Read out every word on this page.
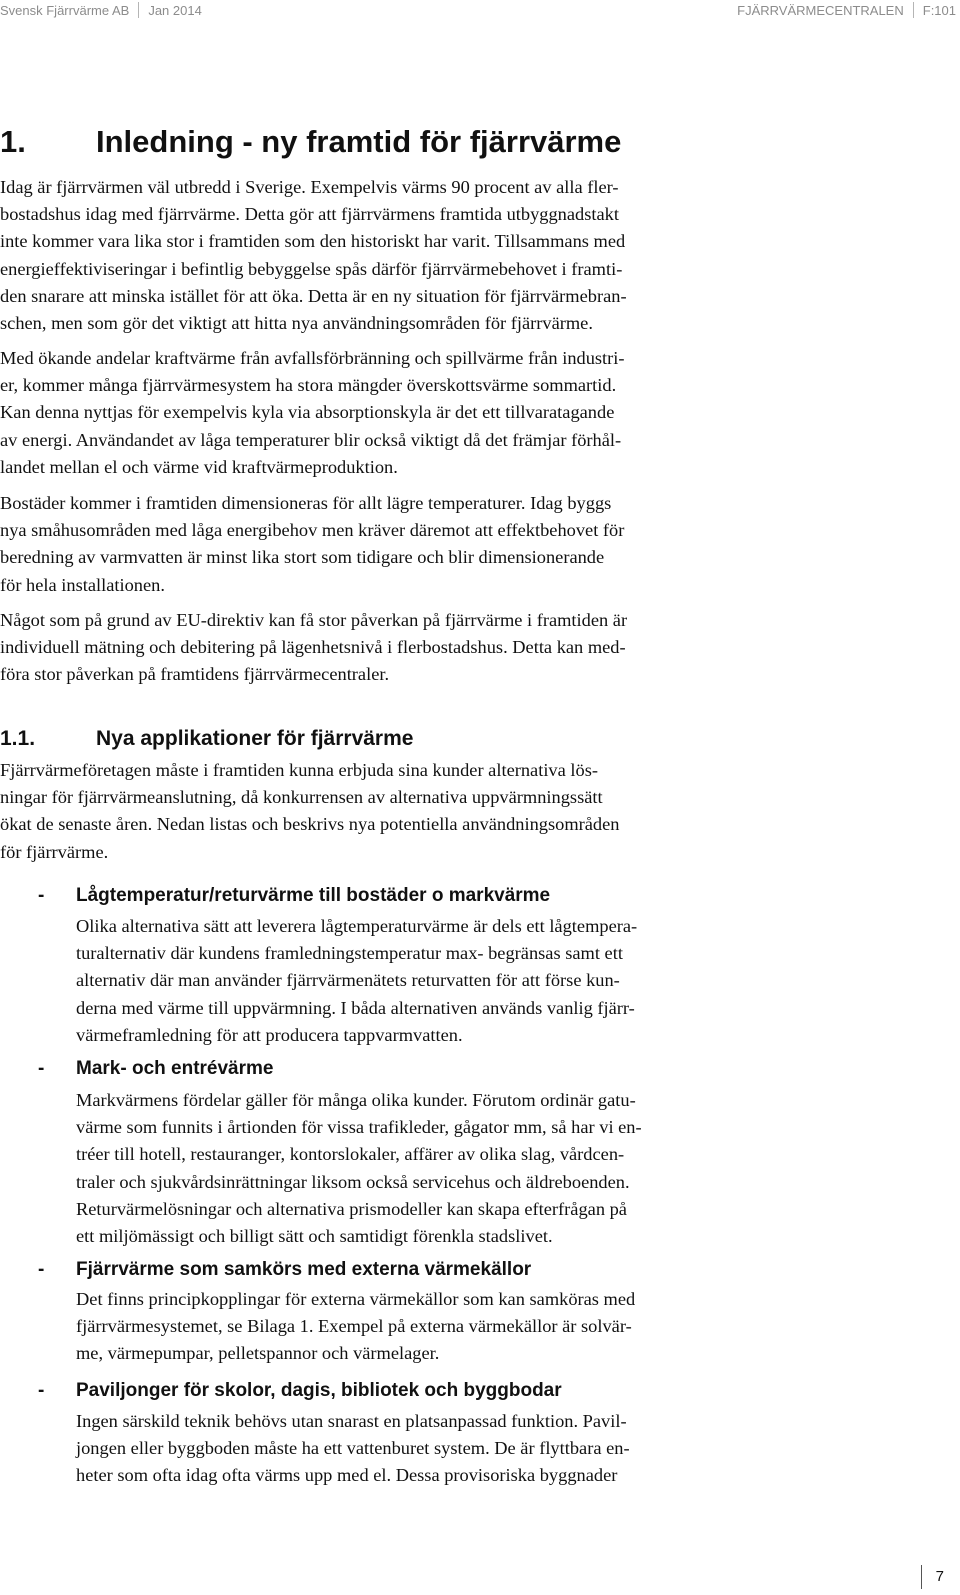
Svensk Fjärrvärme AB Jan 2014	FJÄRRVÄRMECENTRALEN F:101
1. Inledning - ny framtid för fjärrvärme
Idag är fjärrvärmen väl utbredd i Sverige. Exempelvis värms 90 procent av alla fler-
bostadshus idag med fjärrvärme. Detta gör att fjärrvärmens framtida utbyggnadstakt
inte kommer vara lika stor i framtiden som den historiskt har varit. Tillsammans med
energieffektiviseringar i befintlig bebyggelse spås därför fjärrvärmebehovet i framti-
den snarare att minska istället för att öka. Detta är en ny situation för fjärrvärmebran-
schen, men som gör det viktigt att hitta nya användningsområden för fjärrvärme.
Med ökande andelar kraftvärme från avfallsförbränning och spillvärme från industri-
er, kommer många fjärrvärmesystem ha stora mängder överskottsvärme sommartid.
Kan denna nyttjas för exempelvis kyla via absorptionskyla är det ett tillvaratagande
av energi. Användandet av låga temperaturer blir också viktigt då det främjar förhål-
landet mellan el och värme vid kraftvärmeproduktion.
Bostäder kommer i framtiden dimensioneras för allt lägre temperaturer. Idag byggs
nya småhusområden med låga energibehov men kräver däremot att effektbehovet för
beredning av varmvatten är minst lika stort som tidigare och blir dimensionerande
för hela installationen.
Något som på grund av EU-direktiv kan få stor påverkan på fjärrvärme i framtiden är
individuell mätning och debitering på lägenhetsnivå i flerbostadshus. Detta kan med-
föra stor påverkan på framtidens fjärrvärmecentraler.
1.1.	Nya applikationer för fjärrvärme
Fjärrvärmeföretagen måste i framtiden kunna erbjuda sina kunder alternativa lös-
ningar för fjärrvärmeanslutning, då konkurrensen av alternativa uppvärmningssätt
ökat de senaste åren. Nedan listas och beskrivs nya potentiella användningsområden
för fjärrvärme.
- Lågtemperatur/returvärme till bostäder o markvärme
Olika alternativa sätt att leverera lågtemperaturvärme är dels ett lågtempera-
turalternativ där kundens framledningstemperatur max- begränsas samt ett
alternativ där man använder fjärrvärmenätets returvatten för att förse kun-
derna med värme till uppvärmning. I båda alternativen används vanlig fjärr-
värmeframledning för att producera tappvarmvatten.
- Mark- och entrévärme
Markvärmens fördelar gäller för många olika kunder. Förutom ordinär gatu-
värme som funnits i årtionden för vissa trafikleder, gågator mm, så har vi en-
tréer till hotell, restauranger, kontorslokaler, affärer av olika slag, vårdcen-
traler och sjukvårdsinrättningar liksom också servicehus och äldreboenden.
Returvärmelösningar och alternativa prismodeller kan skapa efterfrågan på
ett miljömässigt och billigt sätt och samtidigt förenkla stadslivet.
- Fjärrvärme som samkörs med externa värmekällor
Det finns principkopplingar för externa värmekällor som kan samköras med
fjärrvärmesystemet, se Bilaga 1. Exempel på externa värmekällor är solvär-
me, värmepumpar, pelletspannor och värmelager.
- Paviljonger för skolor, dagis, bibliotek och byggbodar
Ingen särskild teknik behövs utan snarast en platsanpassad funktion. Pavil-
jongen eller byggboden måste ha ett vattenburet system. De är flyttbara en-
heter som ofta idag ofta värms upp med el. Dessa provisoriska byggnader
7
